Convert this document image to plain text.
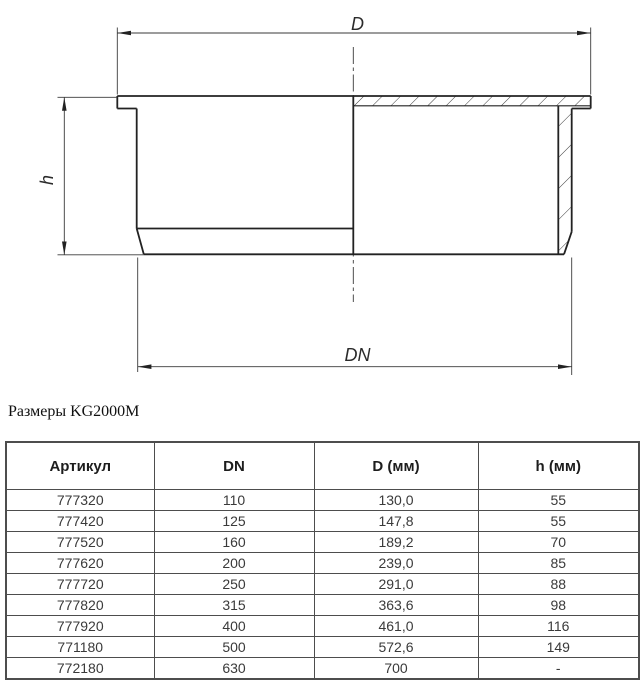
D
h
DN
Размеры KG2000M
Артикул	DN	D (мм)	h (мм)
777320	110	130,0	55
777420	125	147,8	55
777520	160	189,2	70
777620	200	239,0	85
777720	250	291,0	88
777820	315	363,6	98
777920	400	461,0	116
771180	500	572,6	149
772180	630	700	-
